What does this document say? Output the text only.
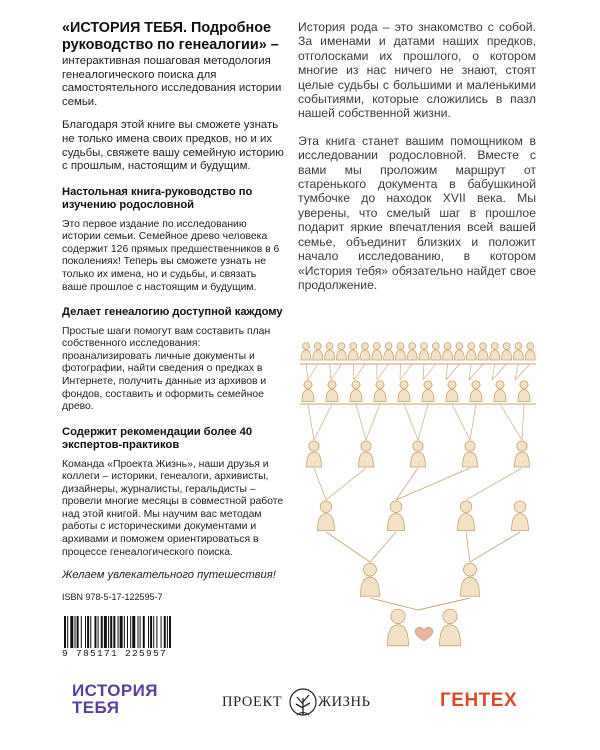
«ИСТОРИЯ ТЕБЯ. Подробное руководство по генеалогии» –
интерактивная пошаговая методология генеалогического поиска для самостоятельного исследования истории семьи.
Благодаря этой книге вы сможете узнать не только имена своих предков, но и их судьбы, свяжете вашу семейную историю с прошлым, настоящим и будущим.
Настольная книга-руководство по изучению родословной
Это первое издание по исследованию истории семьи. Семейное древо человека содержит 126 прямых предшественников в 6 поколениях! Теперь вы сможете узнать не только их имена, но и судьбы, и связать ваше прошлое с настоящим и будущим.
Делает генеалогию доступной каждому
Простые шаги помогут вам составить план собственного исследования: проанализировать личные документы и фотографии, найти сведения о предках в Интернете, получить данные из архивов и фондов, составить и оформить семейное древо.
Содержит рекомендации более 40 экспертов-практиков
Команда «Проекта Жизнь», наши друзья и коллеги – историки, генеалоги, архивисты, дизайнеры, журналисты, геральдисты – провели многие месяцы в совместной работе над этой книгой. Мы научим вас методам работы с историческими документами и архивами и поможем ориентироваться в процессе генеалогического поиска.
Желаем увлекательного путешествия!
ISBN 978-5-17-122595-7
9 785171 225957

История рода – это знакомство с собой. За именами и датами наших предков, отголосками их прошлого, о котором многие из нас ничего не знают, стоят целые судьбы с большими и маленькими событиями, которые сложились в пазл нашей собственной жизни.

Эта книга станет вашим помощником в исследовании родословной. Вместе с вами мы проложим маршрут от старенького документа в бабушкиной тумбочке до находок XVII века. Мы уверены, что смелый шаг в прошлое подарит яркие впечатления всей вашей семье, объединит близких и положит начало исследованию, в котором «История тебя» обязательно найдет свое продолжение.

ИСТОРИЯ
ТЕБЯ	ПРОЕКТ ЖИЗНЬ	ГЕНТЕХ
